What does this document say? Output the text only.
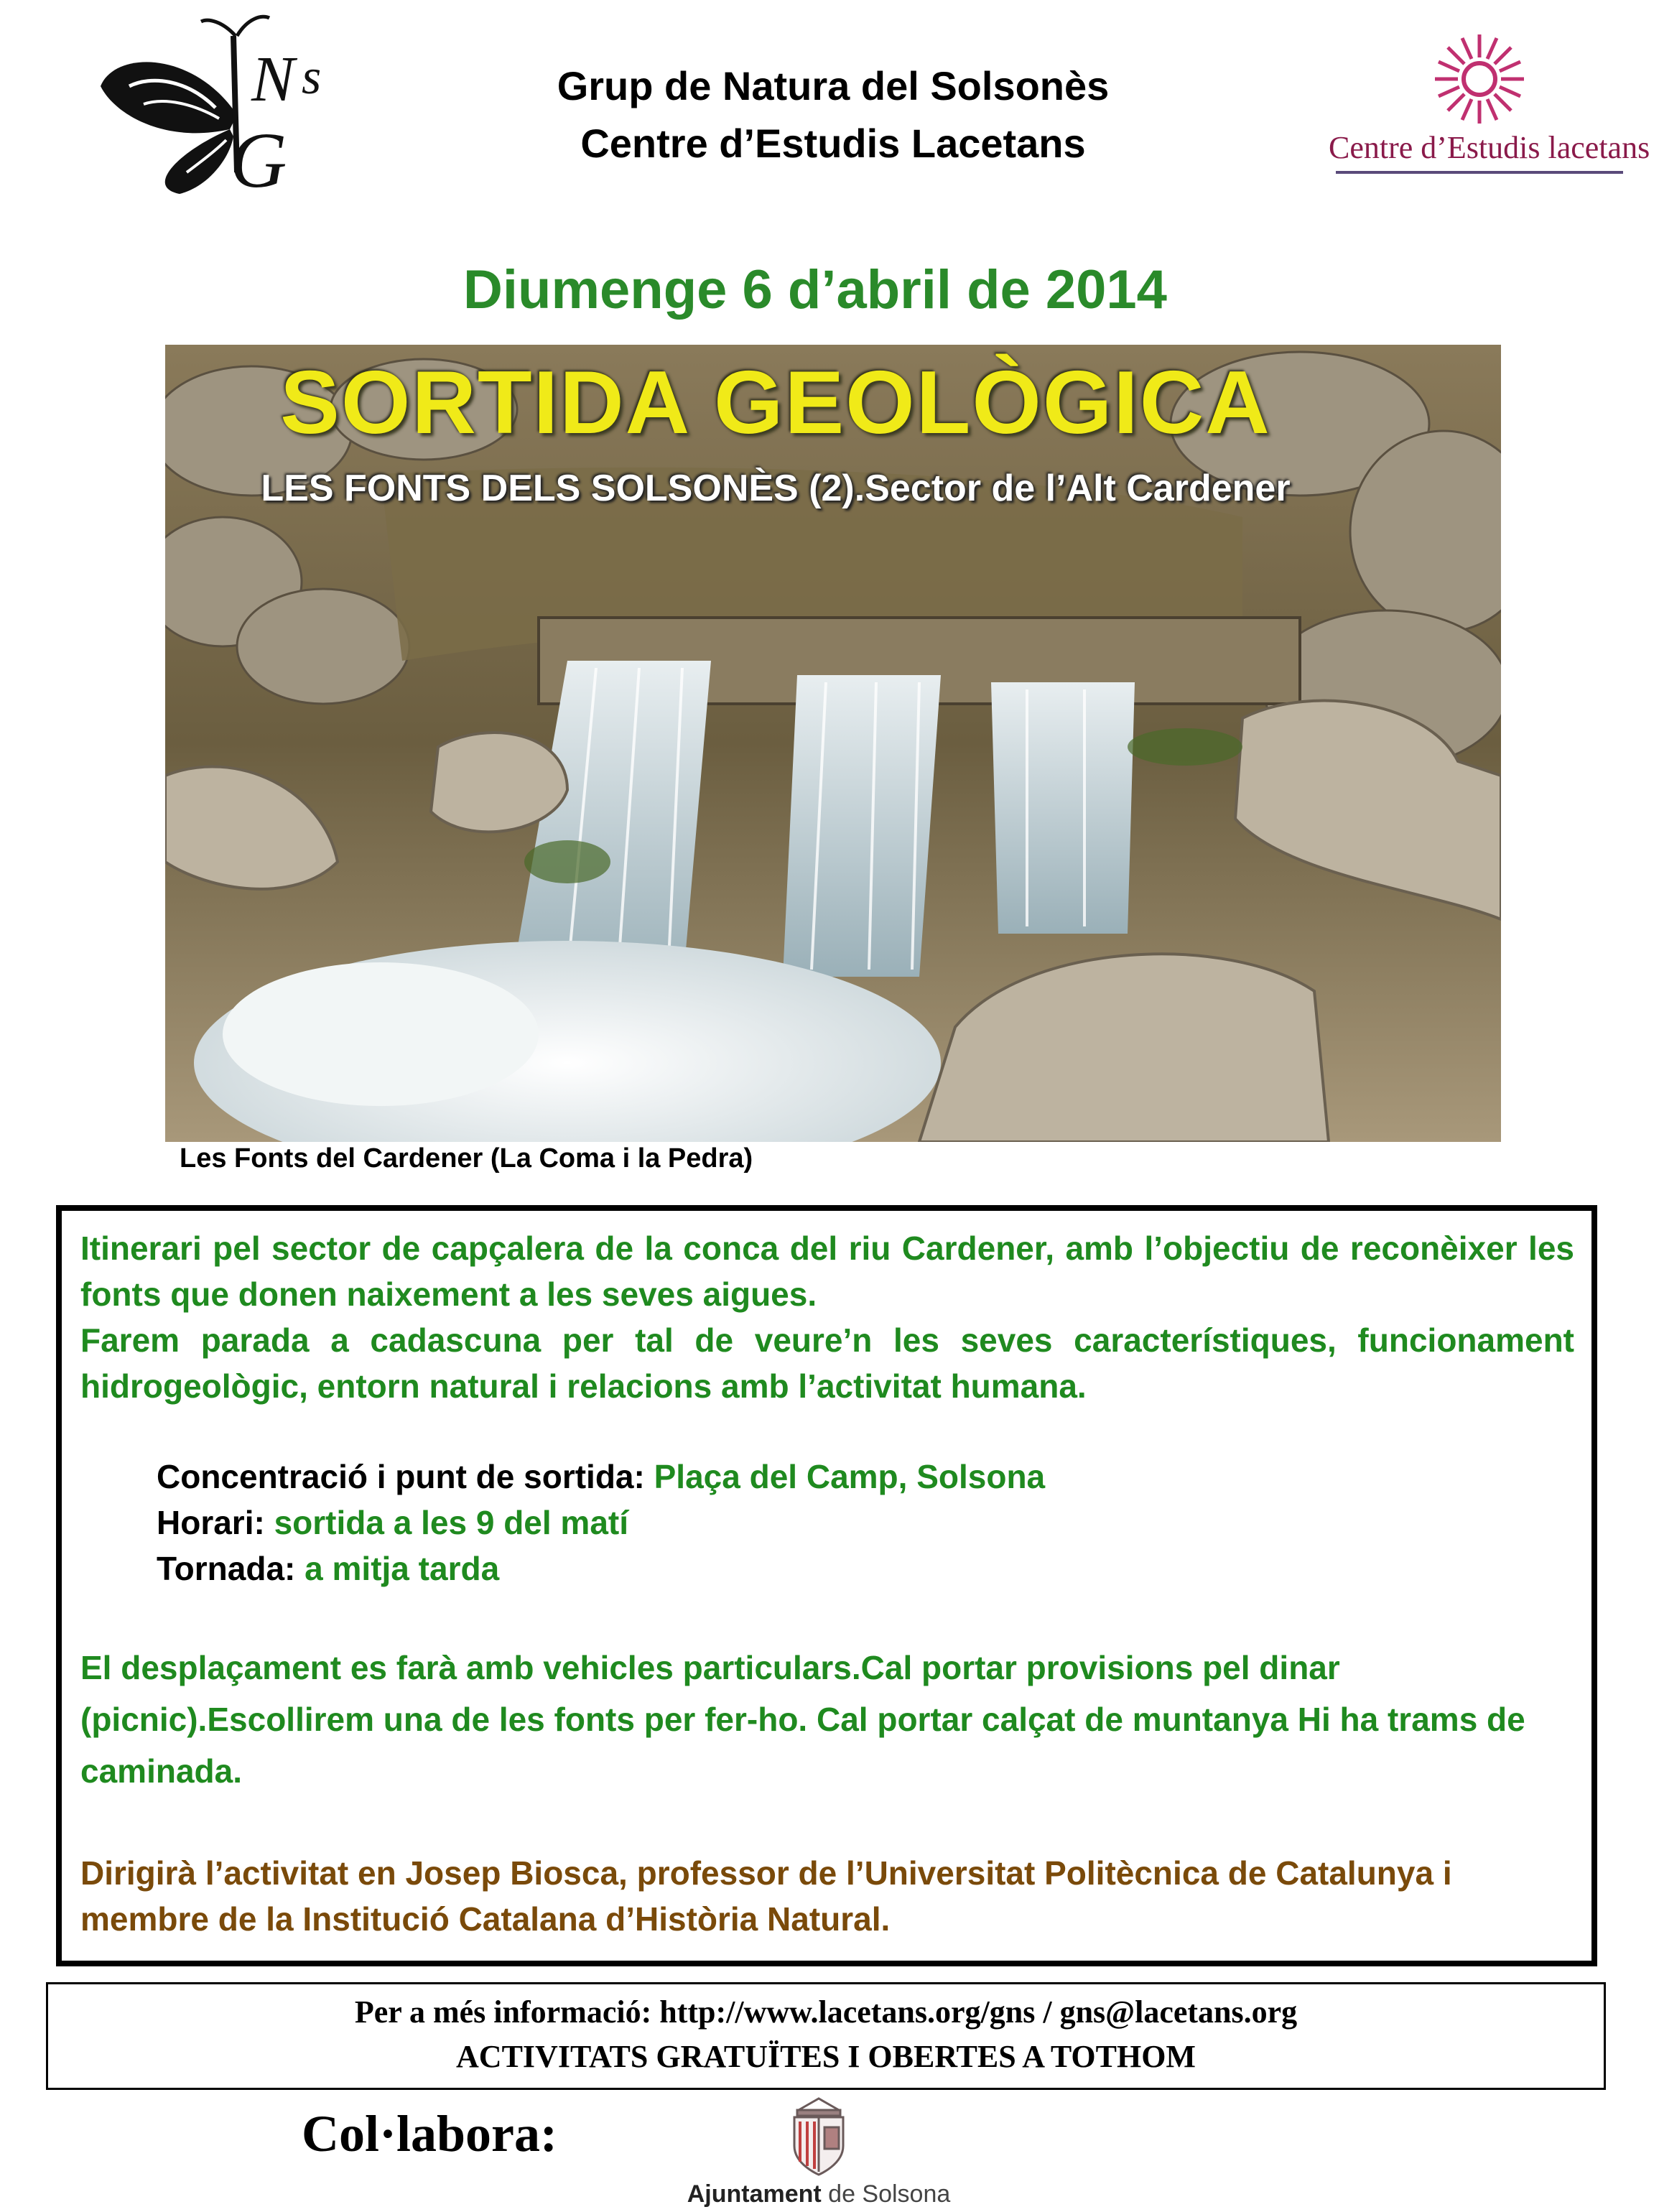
N s
G
Grup de Natura del Solsonès
Centre d’Estudis Lacetans	Centre d’Estudis lacetans
Diumenge 6 d’abril de 2014
SORTIDA GEOLÒGICA
LES FONTS DELS SOLSONÈS (2).Sector de l’Alt Cardener
Les Fonts del Cardener (La Coma i la Pedra)
Itinerari pel sector de capçalera de la conca del riu Cardener, amb l’objectiu de reconèixer les fonts que donen naixement a les seves aigues.
Farem parada a cadascuna per tal de veure’n les seves característiques, funcionament hidrogeològic, entorn natural i relacions amb l’activitat humana.
Concentració i punt de sortida: Plaça del Camp, Solsona
Horari: sortida a les 9 del matí
Tornada: a mitja tarda
El desplaçament es farà amb vehicles particulars.Cal portar provisions pel dinar (picnic).Escollirem una de les fonts per fer-ho. Cal portar calçat de muntanya Hi ha trams de caminada.
Dirigirà l’activitat en Josep Biosca, professor de l’Universitat Politècnica de Catalunya i membre de la Institució Catalana d’Història Natural.
Per a més informació: http://www.lacetans.org/gns / gns@lacetans.org
ACTIVITATS GRATUÏTES I OBERTES A TOTHOM
Col·labora:
Ajuntament de Solsona
